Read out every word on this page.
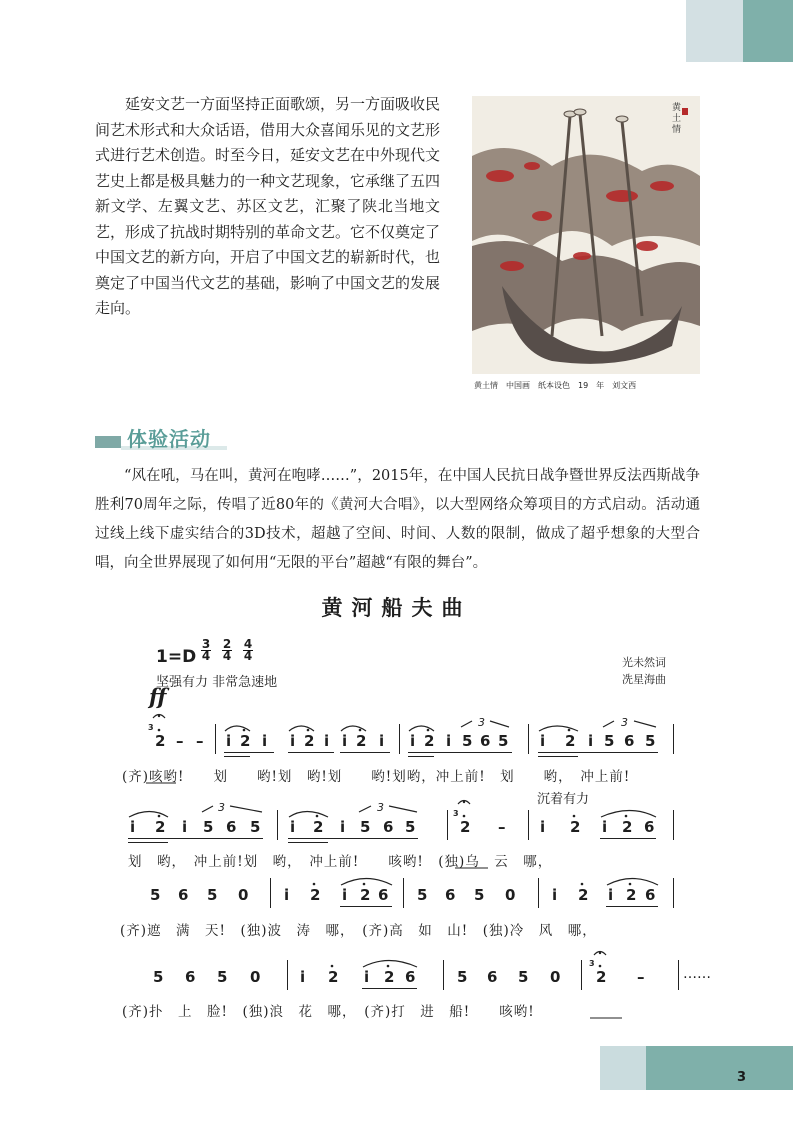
3

延安文艺一方面坚持正面歌颂，另一方面吸收民间艺术形式和大众话语，借用大众喜闻乐见的文艺形式进行艺术创造。时至今日，延安文艺在中外现代文艺史上都是极具魅力的一种文艺现象，它承继了五四新文学、左翼文艺、苏区文艺，汇聚了陕北当地文艺，形成了抗战时期特别的革命文艺。它不仅奠定了中国文艺的新方向，开启了中国文艺的崭新时代，也奠定了中国当代文艺的基础，影响了中国文艺的发展走向。

黄
土
情
黄土情　中国画　纸本设色　19　年　刘文西
体验活动

“风在吼，马在叫，黄河在咆哮……”，2015年，在中国人民抗日战争暨世界反法西斯战争胜利70周年之际，传唱了近80年的《黄河大合唱》，以大型网络众筹项目的方式启动。活动通过线上线下虚实结合的3D技术，超越了空间、时间、人数的限制，做成了超乎想象的大型合唱，向全世界展现了如何用“无限的平台”超越“有限的舞台”。

黄河船夫曲
1=D
3
4
2
4
4
4
坚强有力 非常急速地
光未然词
冼星海曲
ff
沉着有力
2 – – i 2 i i 2 i i 2 i i 2 i 5 6 5 i 2 i 5 6 5
(齐)咳哟!　　划　　哟!划　哟!划　　哟!划哟，冲上前!　划　　哟，　冲上前!
i 2 i 5 6 5 i 2 i 5 6 5	2 – i 2 i 2 6
划　哟，　冲上前!划　哟，　冲上前!　　咳哟!　(独)乌　云　哪，
5 6 5 0 i 2 i 2 6 5 6 5 0 i 2 i 2 6
(齐)遮　满　天!　(独)波　涛　哪，　(齐)高　如　山!　(独)冷　风　哪，
5 6 5 0	i 2 i 2 6	5 6 5 0 2 –	……
(齐)扑　上　脸!　(独)浪　花　哪，　(齐)打　进　船!　　咳哟!
3
3
3
3	3
3	3
